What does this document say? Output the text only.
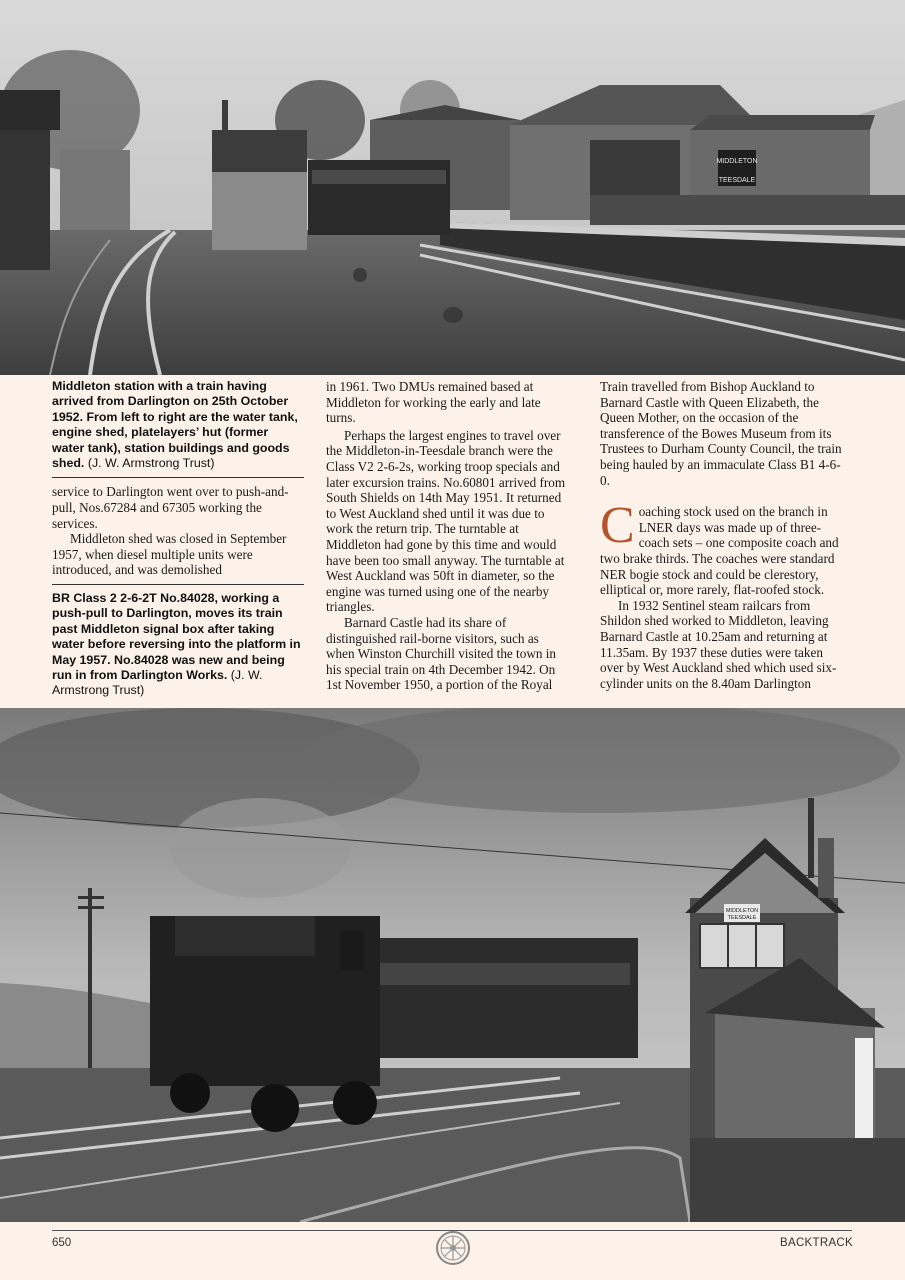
MIDDLETON
TEESDALE
Middleton station with a train having arrived from Darlington on 25th October 1952. From left to right are the water tank, engine shed, platelayers’ hut (former water tank), station buildings and goods shed. (J. W. Armstrong Trust)

service to Darlington went over to push-and-pull, Nos.67284 and 67305 working the services.

Middleton shed was closed in September 1957, when diesel multiple units were introduced, and was demolished

BR Class 2 2-6-2T No.84028, working a push-pull to Darlington, moves its train past Middleton signal box after taking water before reversing into the platform in May 1957. No.84028 was new and being run in from Darlington Works. (J. W. Armstrong Trust)

in 1961. Two DMUs remained based at Middleton for working the early and late turns.

Perhaps the largest engines to travel over the Middleton-in-Teesdale branch were the Class V2 2-6-2s, working troop specials and later excursion trains. No.60801 arrived from South Shields on 14th May 1951. It returned to West Auckland shed until it was due to work the return trip. The turntable at Middleton had gone by this time and would have been too small anyway. The turntable at West Auckland was 50ft in diameter, so the engine was turned using one of the nearby triangles.

Barnard Castle had its share of distinguished rail-borne visitors, such as when Winston Churchill visited the town in his special train on 4th December 1942. On 1st November 1950, a portion of the Royal

Train travelled from Bishop Auckland to Barnard Castle with Queen Elizabeth, the Queen Mother, on the occasion of the transference of the Bowes Museum from its Trustees to Durham County Council, the train being hauled by an immaculate Class B1 4-6-0.

C oaching stock used on the branch in LNER days was made up of three-coach sets – one composite coach and two brake thirds. The coaches were standard NER bogie stock and could be clerestory, elliptical or, more rarely, flat-roofed stock.

In 1932 Sentinel steam railcars from Shildon shed worked to Middleton, leaving Barnard Castle at 10.25am and returning at 11.35am. By 1937 these duties were taken over by West Auckland shed which used six-cylinder units on the 8.40am Darlington

MIDDLETON
TEESDALE
650	BACKTRACK
